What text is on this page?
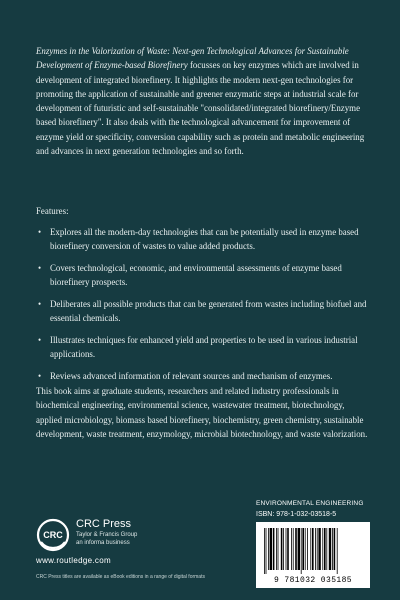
Enzymes in the Valorization of Waste: Next-gen Technological Advances for Sustainable Development of Enzyme-based Biorefinery focusses on key enzymes which are involved in development of integrated biorefinery. It highlights the modern next-gen technologies for promoting the application of sustainable and greener enzymatic steps at industrial scale for development of futuristic and self-sustainable "consolidated/integrated biorefinery/Enzyme based biorefinery". It also deals with the technological advancement for improvement of enzyme yield or specificity, conversion capability such as protein and metabolic engineering and advances in next generation technologies and so forth.

Features:

• Explores all the modern-day technologies that can be potentially used in enzyme based biorefinery conversion of wastes to value added products.
• Covers technological, economic, and environmental assessments of enzyme based biorefinery prospects.
• Deliberates all possible products that can be generated from wastes including biofuel and essential chemicals.
• Illustrates techniques for enhanced yield and properties to be used in various industrial applications.
• Reviews advanced information of relevant sources and mechanism of enzymes.

This book aims at graduate students, researchers and related industry professionals in biochemical engineering, environmental science, wastewater treatment, biotechnology, applied microbiology, biomass based biorefinery, biochemistry, green chemistry, sustainable development, waste treatment, enzymology, microbial biotechnology, and waste valorization.

CRC
CRC Press
Taylor & Francis Group
an informa business
www.routledge.com
CRC Press titles are available as eBook editions in a range of digital formats
ENVIRONMENTAL ENGINEERING
ISBN: 978-1-032-03518-5
9 781032 035185
